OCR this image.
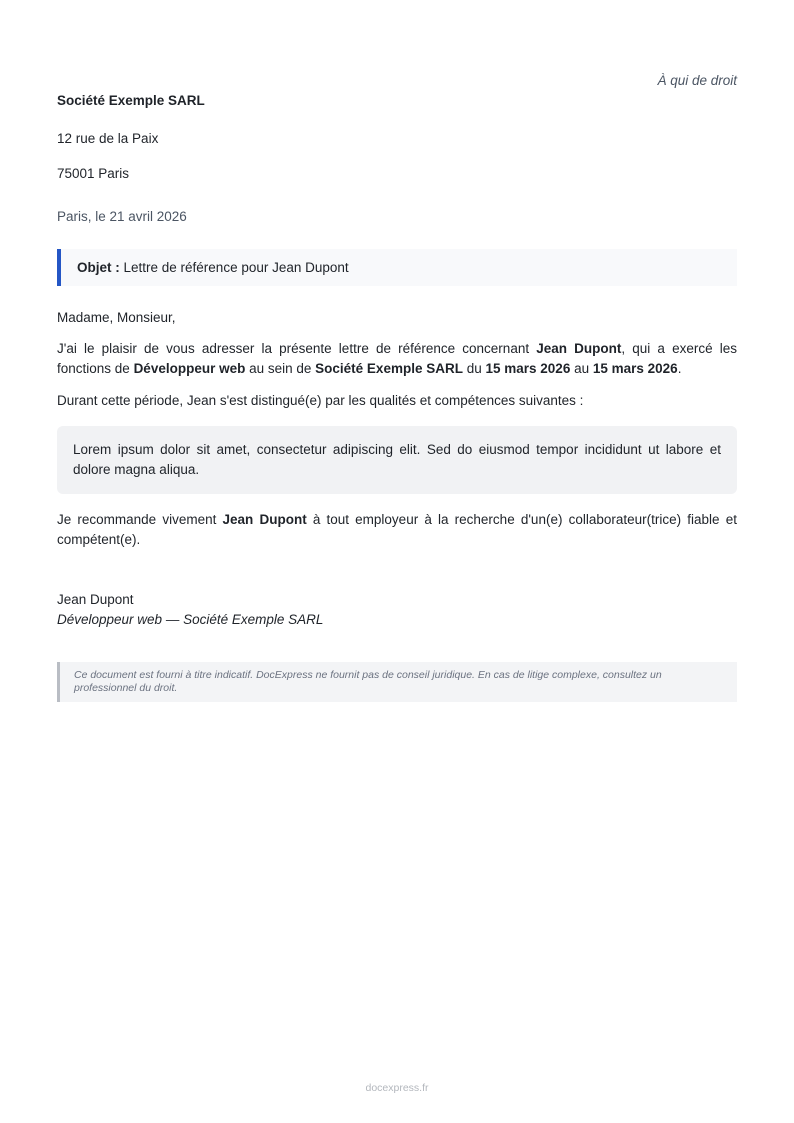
À qui de droit
Société Exemple SARL
12 rue de la Paix
75001 Paris
Paris, le 21 avril 2026
Objet : Lettre de référence pour Jean Dupont
Madame, Monsieur,

J'ai le plaisir de vous adresser la présente lettre de référence concernant Jean Dupont, qui a exercé les fonctions de Développeur web au sein de Société Exemple SARL du 15 mars 2026 au 15 mars 2026.

Durant cette période, Jean s'est distingué(e) par les qualités et compétences suivantes :

Lorem ipsum dolor sit amet, consectetur adipiscing elit. Sed do eiusmod tempor incididunt ut labore et dolore magna aliqua.

Je recommande vivement Jean Dupont à tout employeur à la recherche d'un(e) collaborateur(trice) fiable et compétent(e).

Jean Dupont
Développeur web — Société Exemple SARL
Ce document est fourni à titre indicatif. DocExpress ne fournit pas de conseil juridique. En cas de litige complexe, consultez un professionnel du droit.
docexpress.fr
